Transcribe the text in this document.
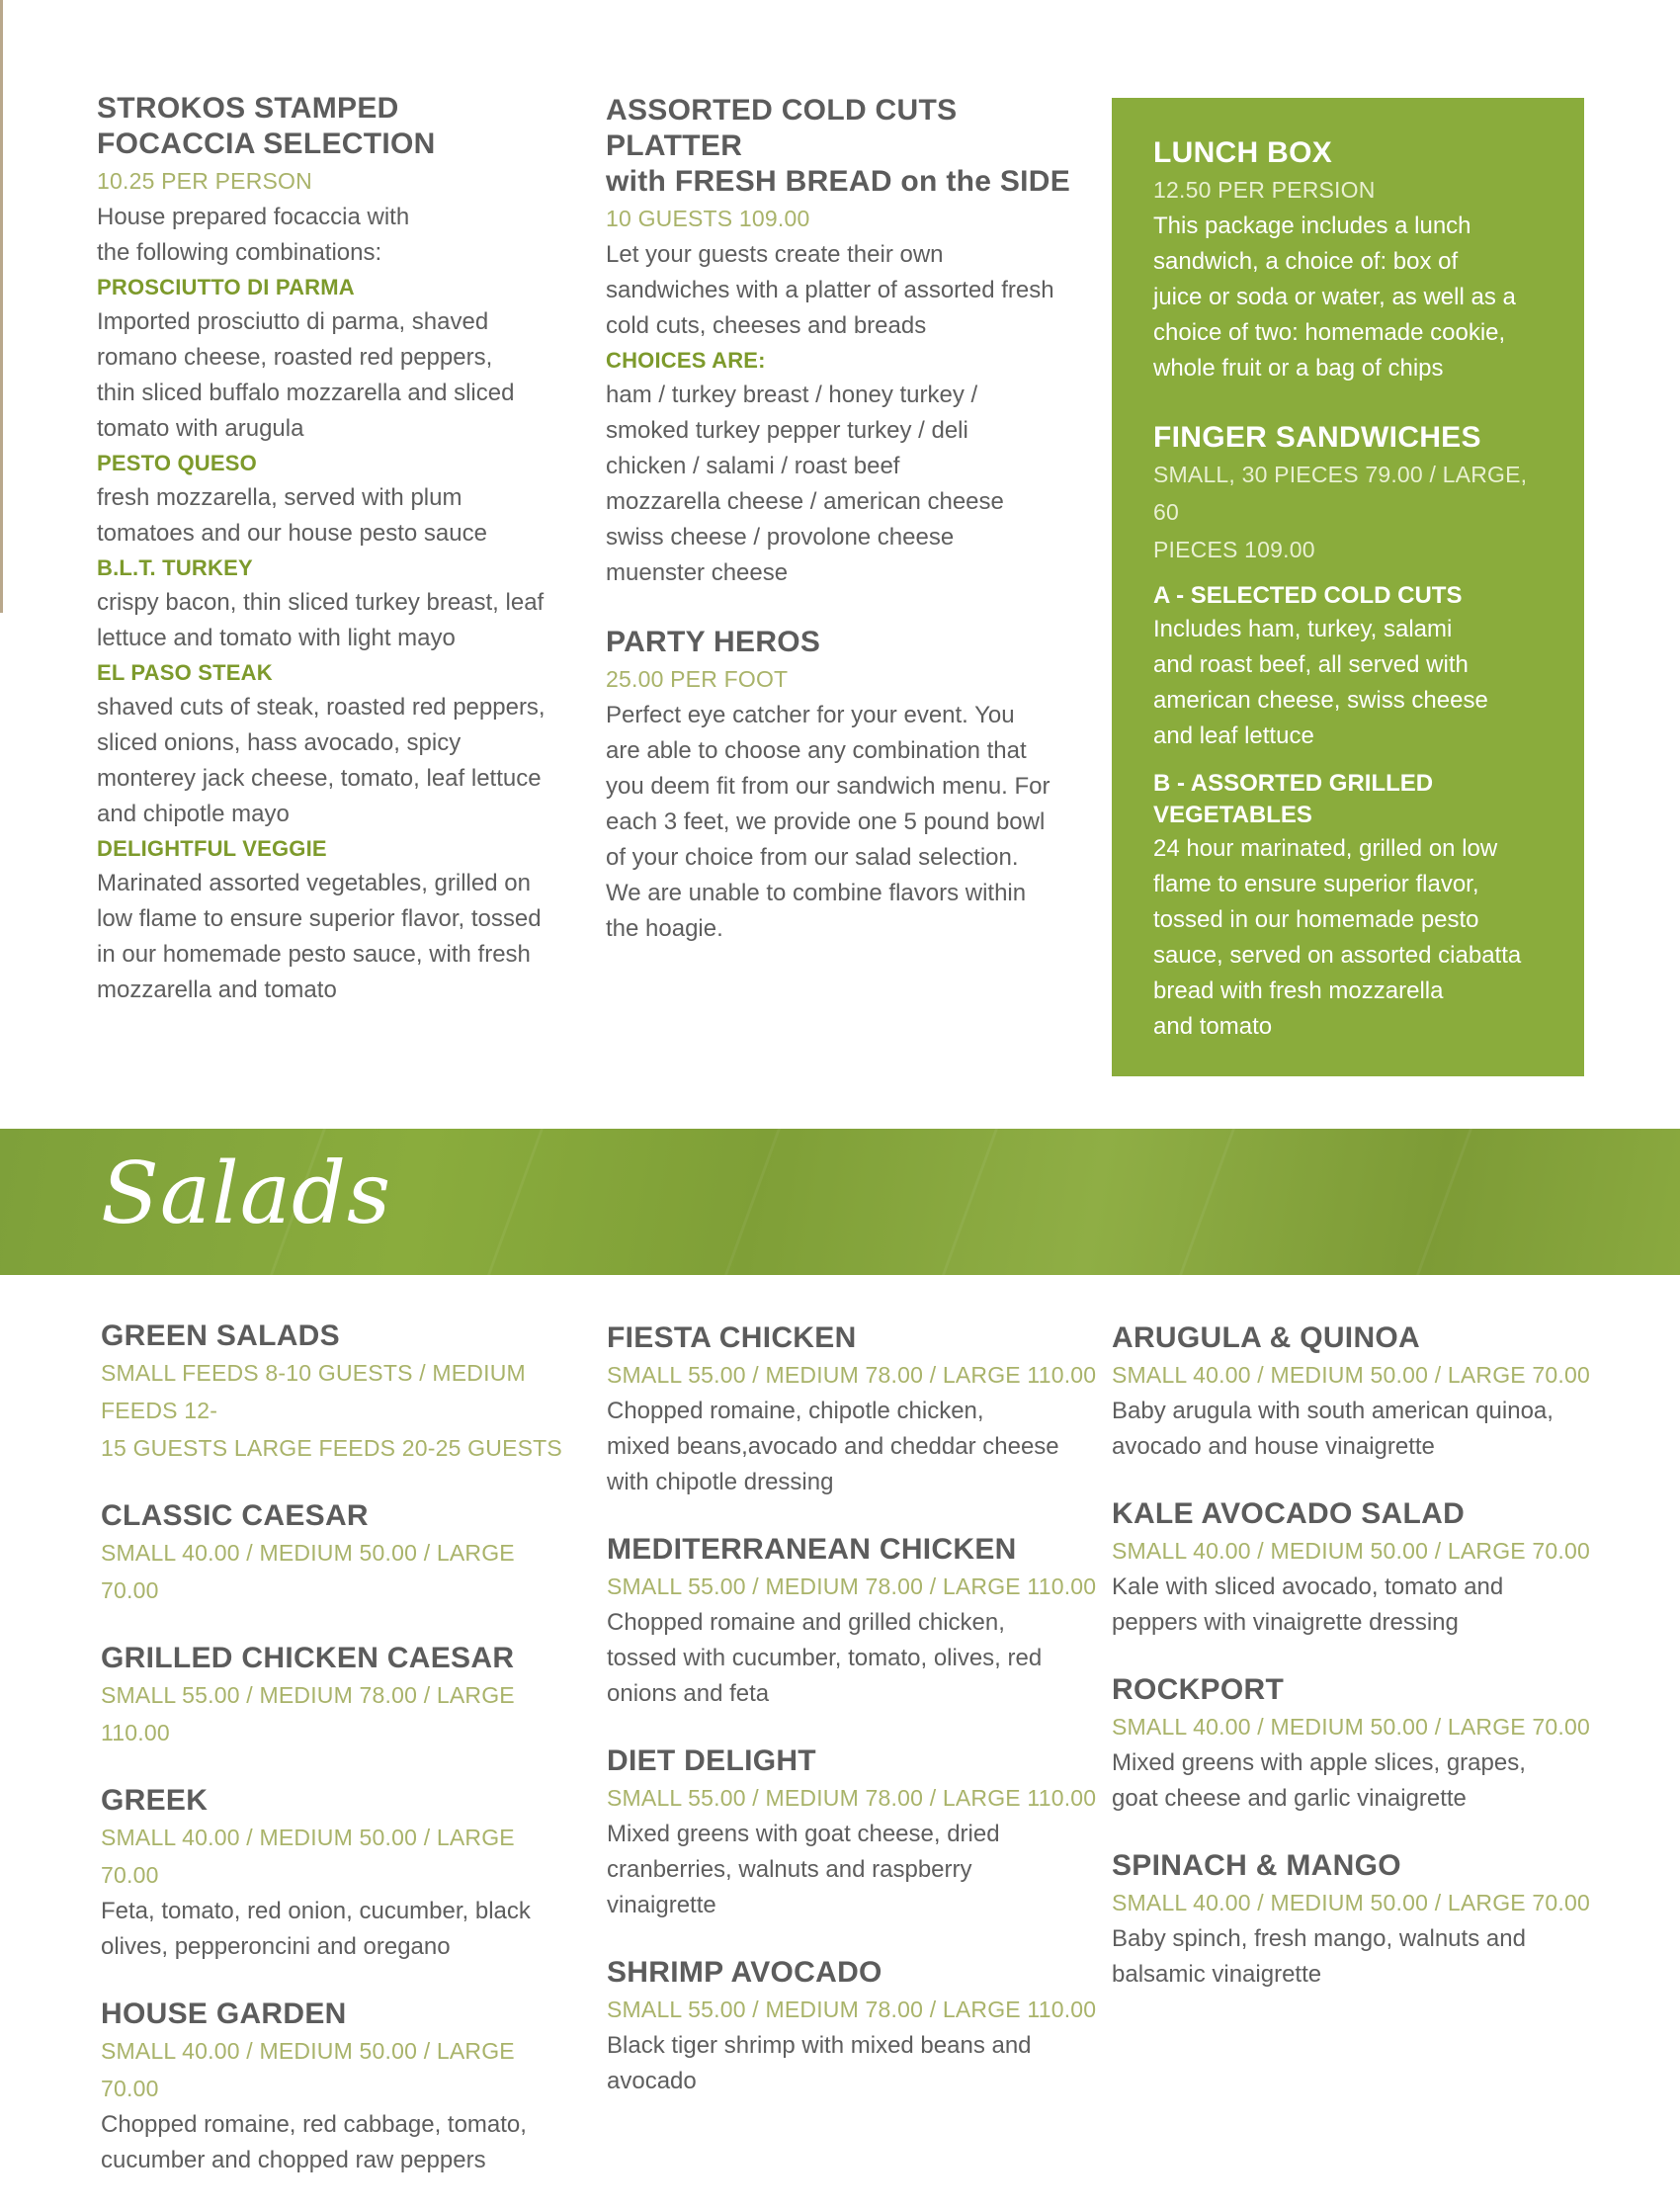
STROKOS STAMPED
FOCACCIA SELECTION
10.25 PER PERSON
House prepared focaccia with
the following combinations:
PROSCIUTTO DI PARMA
Imported prosciutto di parma, shaved
romano cheese, roasted red peppers,
thin sliced buffalo mozzarella and sliced
tomato with arugula
PESTO QUESO
fresh mozzarella, served with plum
tomatoes and our house pesto sauce
B.L.T. TURKEY
crispy bacon, thin sliced turkey breast, leaf
lettuce and tomato with light mayo
EL PASO STEAK
shaved cuts of steak, roasted red peppers,
sliced onions, hass avocado, spicy
monterey jack cheese, tomato, leaf lettuce
and chipotle mayo
DELIGHTFUL VEGGIE
Marinated assorted vegetables, grilled on
low flame to ensure superior flavor, tossed
in our homemade pesto sauce, with fresh
mozzarella and tomato
ASSORTED COLD CUTS PLATTER
with FRESH BREAD on the SIDE
10 GUESTS 109.00
Let your guests create their own
sandwiches with a platter of assorted fresh
cold cuts, cheeses and breads
CHOICES ARE:
ham / turkey breast / honey turkey /
smoked turkey pepper turkey / deli
chicken / salami / roast beef
mozzarella cheese / american cheese
swiss cheese / provolone cheese
muenster cheese
PARTY HEROS
25.00 PER FOOT
Perfect eye catcher for your event. You
are able to choose any combination that
you deem fit from our sandwich menu. For
each 3 feet, we provide one 5 pound bowl
of your choice from our salad selection.
We are unable to combine flavors within
the hoagie.
LUNCH BOX
12.50 PER PERSION
This package includes a lunch
sandwich, a choice of: box of
juice or soda or water, as well as a
choice of two: homemade cookie,
whole fruit or a bag of chips
FINGER SANDWICHES
SMALL, 30 PIECES 79.00 / LARGE, 60
PIECES 109.00
A - SELECTED COLD CUTS
Includes ham, turkey, salami
and roast beef, all served with
american cheese, swiss cheese
and leaf lettuce
B - ASSORTED GRILLED
VEGETABLES
24 hour marinated, grilled on low
flame to ensure superior flavor,
tossed in our homemade pesto
sauce, served on assorted ciabatta
bread with fresh mozzarella
and tomato
Salads
GREEN SALADS
SMALL FEEDS 8-10 GUESTS / MEDIUM FEEDS 12-
15 GUESTS LARGE FEEDS 20-25 GUESTS
CLASSIC CAESAR
SMALL 40.00 / MEDIUM 50.00 / LARGE 70.00
GRILLED CHICKEN CAESAR
SMALL 55.00 / MEDIUM 78.00 / LARGE 110.00
GREEK
SMALL 40.00 / MEDIUM 50.00 / LARGE 70.00
Feta, tomato, red onion, cucumber, black
olives, pepperoncini and oregano
HOUSE GARDEN
SMALL 40.00 / MEDIUM 50.00 / LARGE 70.00
Chopped romaine, red cabbage, tomato,
cucumber and chopped raw peppers
FIESTA CHICKEN
SMALL 55.00 / MEDIUM 78.00 / LARGE 110.00
Chopped romaine, chipotle chicken,
mixed beans,avocado and cheddar cheese
with chipotle dressing
MEDITERRANEAN CHICKEN
SMALL 55.00 / MEDIUM 78.00 / LARGE 110.00
Chopped romaine and grilled chicken,
tossed with cucumber, tomato, olives, red
onions and feta
DIET DELIGHT
SMALL 55.00 / MEDIUM 78.00 / LARGE 110.00
Mixed greens with goat cheese, dried
cranberries, walnuts and raspberry
vinaigrette
SHRIMP AVOCADO
SMALL 55.00 / MEDIUM 78.00 / LARGE 110.00
Black tiger shrimp with mixed beans and
avocado
ARUGULA & QUINOA
SMALL 40.00 / MEDIUM 50.00 / LARGE 70.00
Baby arugula with south american quinoa,
avocado and house vinaigrette
KALE AVOCADO SALAD
SMALL 40.00 / MEDIUM 50.00 / LARGE 70.00
Kale with sliced avocado, tomato and
peppers with vinaigrette dressing
ROCKPORT
SMALL 40.00 / MEDIUM 50.00 / LARGE 70.00
Mixed greens with apple slices, grapes,
goat cheese and garlic vinaigrette
SPINACH & MANGO
SMALL 40.00 / MEDIUM 50.00 / LARGE 70.00
Baby spinch, fresh mango, walnuts and
balsamic vinaigrette
